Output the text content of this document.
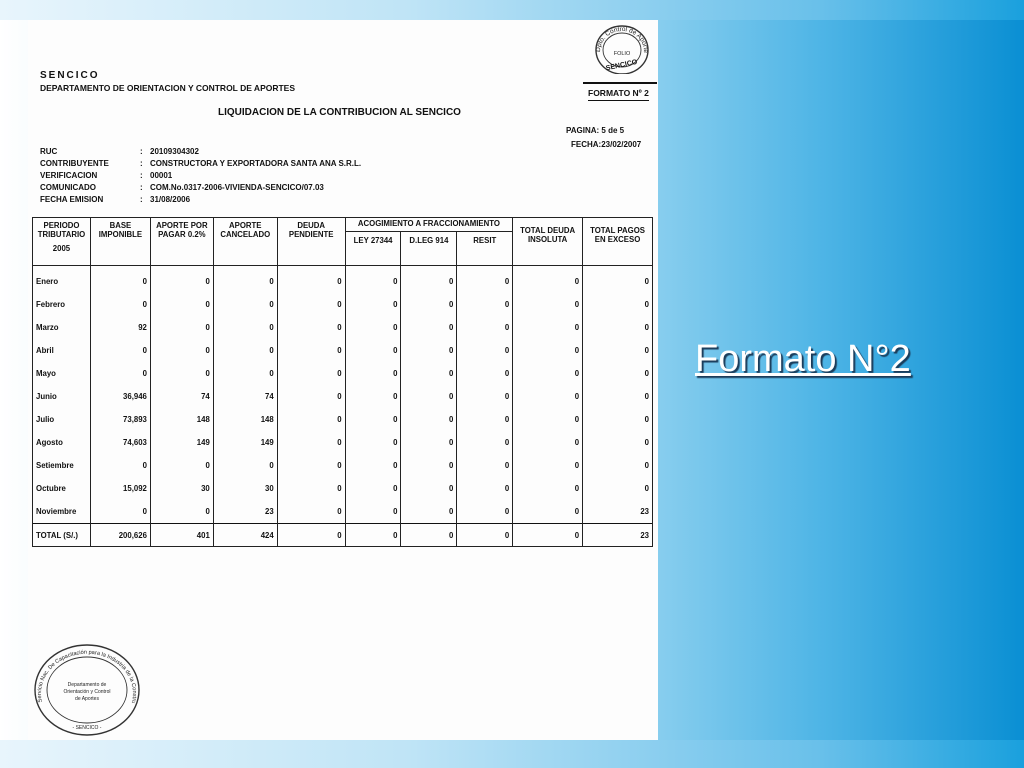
Dpto. Control de Aporte
FOLIO
SENCICO
SENCICO
DEPARTAMENTO DE ORIENTACION Y CONTROL DE APORTES	FORMATO Nº 2
LIQUIDACION DE LA CONTRIBUCION AL SENCICO
PAGINA: 5 de 5
FECHA:23/02/2007
RUC	: 20109304302
CONTRIBUYENTE	: CONSTRUCTORA Y EXPORTADORA SANTA ANA S.R.L.
VERIFICACION	: 00001
COMUNICADO	: COM.No.0317-2006-VIVIENDA-SENCICO/07.03
FECHA EMISION	: 31/08/2006
PERIODO TRIBUTARIO
2005	BASE IMPONIBLE	APORTE POR PAGAR 0.2%	APORTE CANCELADO	DEUDA PENDIENTE	ACOGIMIENTO A FRACCIONAMIENTO			TOTAL DEUDA INSOLUTA	TOTAL PAGOS EN EXCESO
					LEY 27344	D.LEG 914	RESIT		
Enero	0	0	0	0	0	0	0	0	0
Febrero	0	0	0	0	0	0	0	0	0
Marzo	92	0	0	0	0	0	0	0	0
Abril	0	0	0	0	0	0	0	0	0
Mayo	0	0	0	0	0	0	0	0	0
Junio	36,946	74	74	0	0	0	0	0	0
Julio	73,893	148	148	0	0	0	0	0	0
Agosto	74,603	149	149	0	0	0	0	0	0
Setiembre	0	0	0	0	0	0	0	0	0
Octubre	15,092	30	30	0	0	0	0	0	0
Noviembre	0	0	23	0	0	0	0	0	23
TOTAL (S/.)	200,626	401	424	0	0	0	0	0	23
Servicio Nac. De Capacitación para la Industria de la Constru
Departamento de
Orientación y Control
de Aportes
- SENCICO -
Formato N°2
